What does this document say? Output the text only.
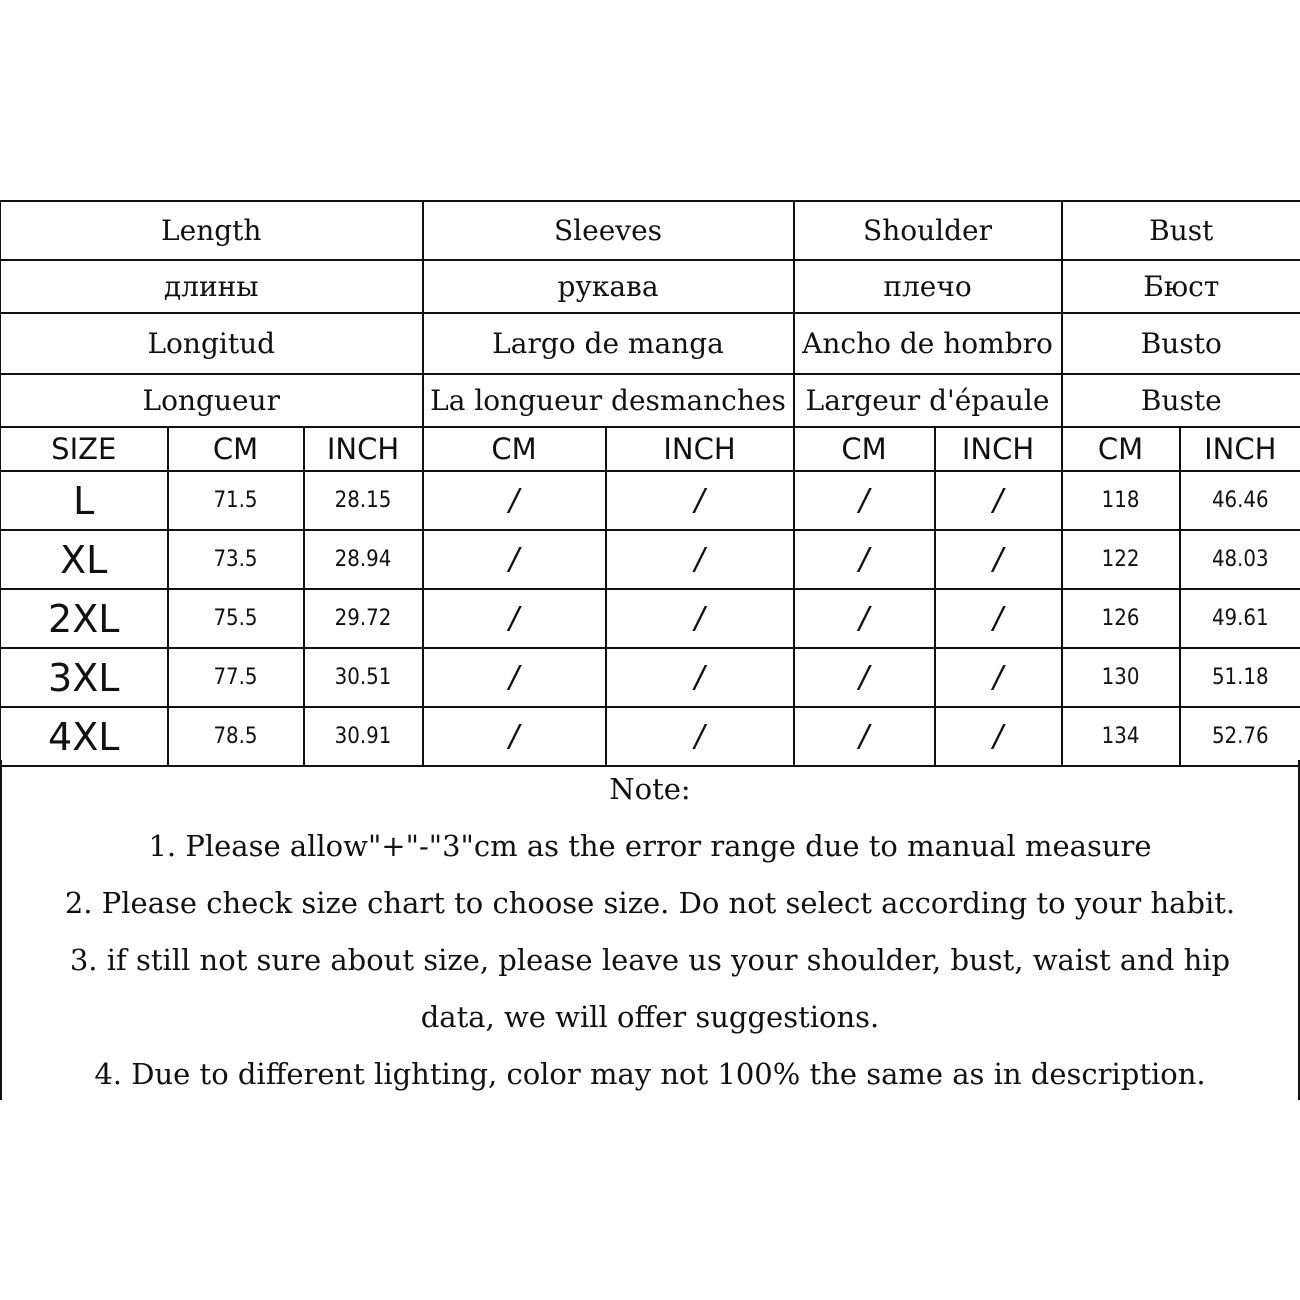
Length			Sleeves		Shoulder		Bust	
длины			рукава		плечо		Бюст	
Longitud			Largo de manga		Ancho de hombro		Busto	
Longueur			La longueur desmanches		Largeur d'épaule		Buste	
SIZE	CM	INCH	CM	INCH	CM	INCH	CM	INCH
L	71.5	28.15	/	/	/	/	118	46.46
XL	73.5	28.94	/	/	/	/	122	48.03
2XL	75.5	29.72	/	/	/	/	126	49.61
3XL	77.5	30.51	/	/	/	/	130	51.18
4XL	78.5	30.91	/	/	/	/	134	52.76
Note:
1. Please allow"+"-"3"cm as the error range due to manual measure
2. Please check size chart to choose size. Do not select according to your habit.
3. if still not sure about size, please leave us your shoulder, bust, waist and hip
data, we will offer suggestions.
4. Due to different lighting, color may not 100% the same as in description.
